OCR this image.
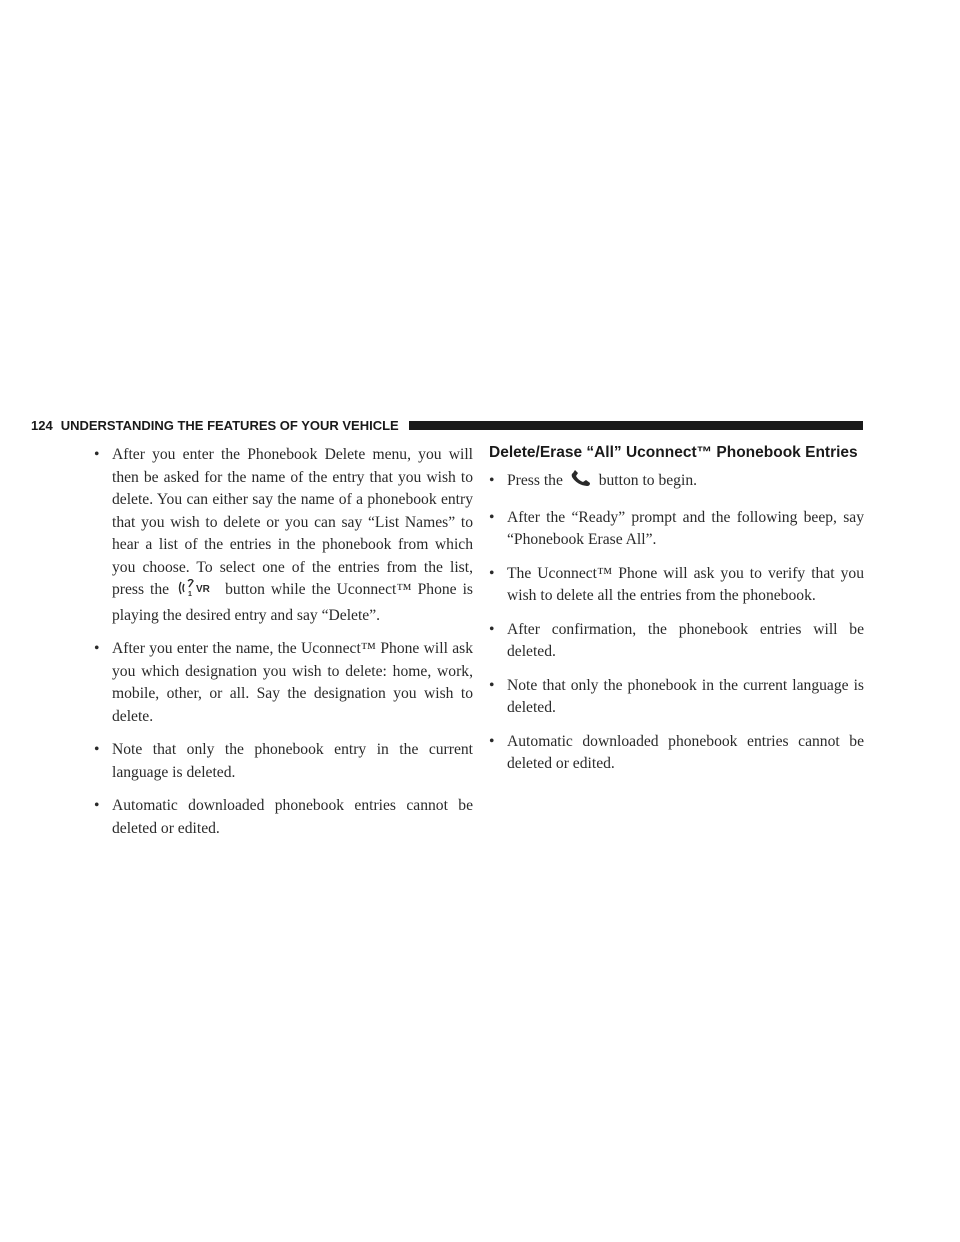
124 UNDERSTANDING THE FEATURES OF YOUR VEHICLE
• After you enter the Phonebook Delete menu, you will then be asked for the name of the entry that you wish to delete. You can either say the name of a phonebook entry that you wish to delete or you can say “List Names” to hear a list of the entries in the phonebook from which you choose. To select one of the entries from the list, press the	1 VR button while the Uconnect™ Phone is playing the desired entry and say “Delete”.
• After you enter the name, the Uconnect™ Phone will ask you which designation you wish to delete: home, work, mobile, other, or all. Say the designation you wish to delete.
• Note that only the phonebook entry in the current language is deleted.
• Automatic downloaded phonebook entries cannot be deleted or edited.
Delete/Erase “All” Uconnect™ Phonebook Entries
• Press the button to begin.
• After the “Ready” prompt and the following beep, say “Phonebook Erase All”.
• The Uconnect™ Phone will ask you to verify that you wish to delete all the entries from the phonebook.
• After confirmation, the phonebook entries will be deleted.
• Note that only the phonebook in the current language is deleted.
• Automatic downloaded phonebook entries cannot be deleted or edited.
